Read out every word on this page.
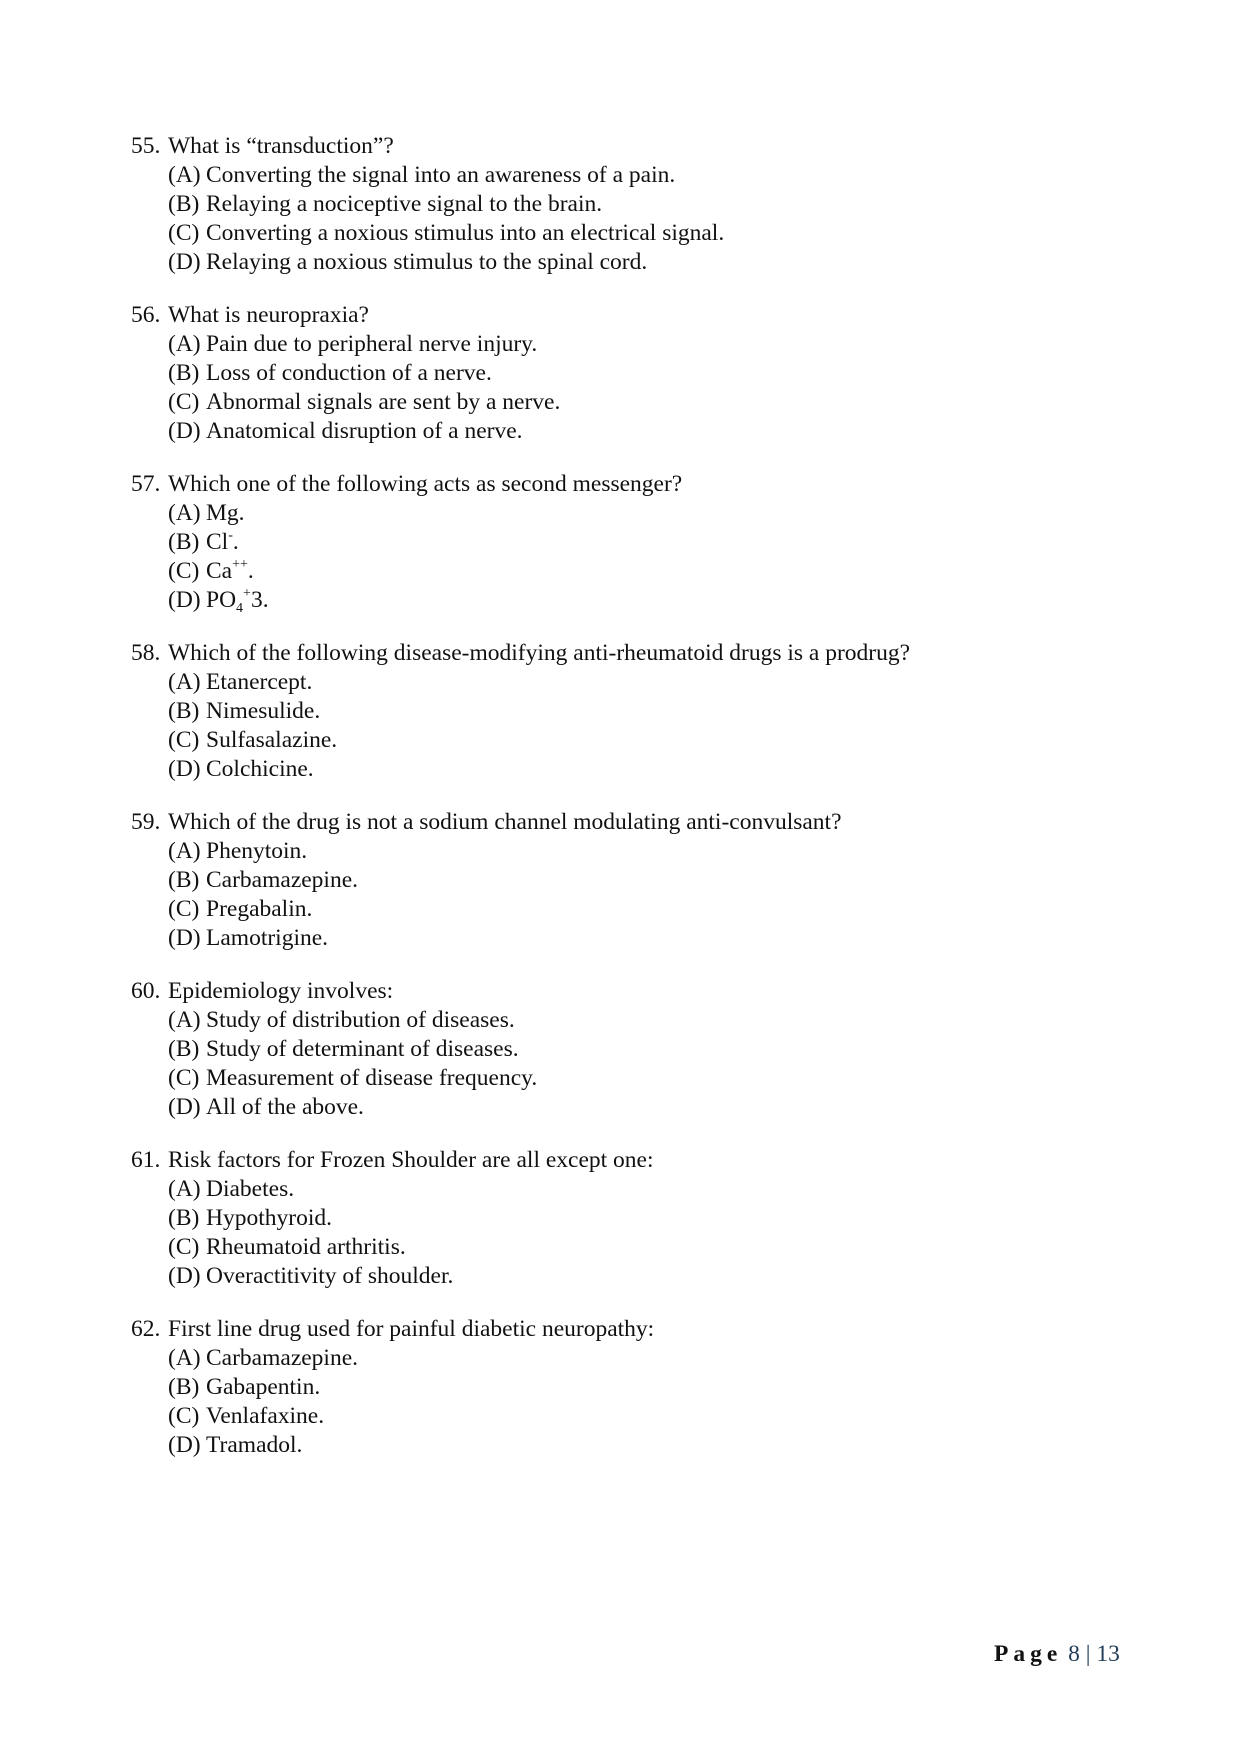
55. What is “transduction”?
(A) Converting the signal into an awareness of a pain.
(B) Relaying a nociceptive signal to the brain.
(C) Converting a noxious stimulus into an electrical signal.
(D) Relaying a noxious stimulus to the spinal cord.
56. What is neuropraxia?
(A) Pain due to peripheral nerve injury.
(B) Loss of conduction of a nerve.
(C) Abnormal signals are sent by a nerve.
(D) Anatomical disruption of a nerve.
57. Which one of the following acts as second messenger?
(A) Mg.
(B) Cl-.
(C) Ca++.
(D) $PO_4^+3$.
58. Which of the following disease-modifying anti-rheumatoid drugs is a prodrug?
(A) Etanercept.
(B) Nimesulide.
(C) Sulfasalazine.
(D) Colchicine.
59. Which of the drug is not a sodium channel modulating anti-convulsant?
(A) Phenytoin.
(B) Carbamazepine.
(C) Pregabalin.
(D) Lamotrigine.
60. Epidemiology involves:
(A) Study of distribution of diseases.
(B) Study of determinant of diseases.
(C) Measurement of disease frequency.
(D) All of the above.
61. Risk factors for Frozen Shoulder are all except one:
(A) Diabetes.
(B) Hypothyroid.
(C) Rheumatoid arthritis.
(D) Overactitivity of shoulder.
62. First line drug used for painful diabetic neuropathy:
(A) Carbamazepine.
(B) Gabapentin.
(C) Venlafaxine.
(D) Tramadol.
Page 8 | 13
